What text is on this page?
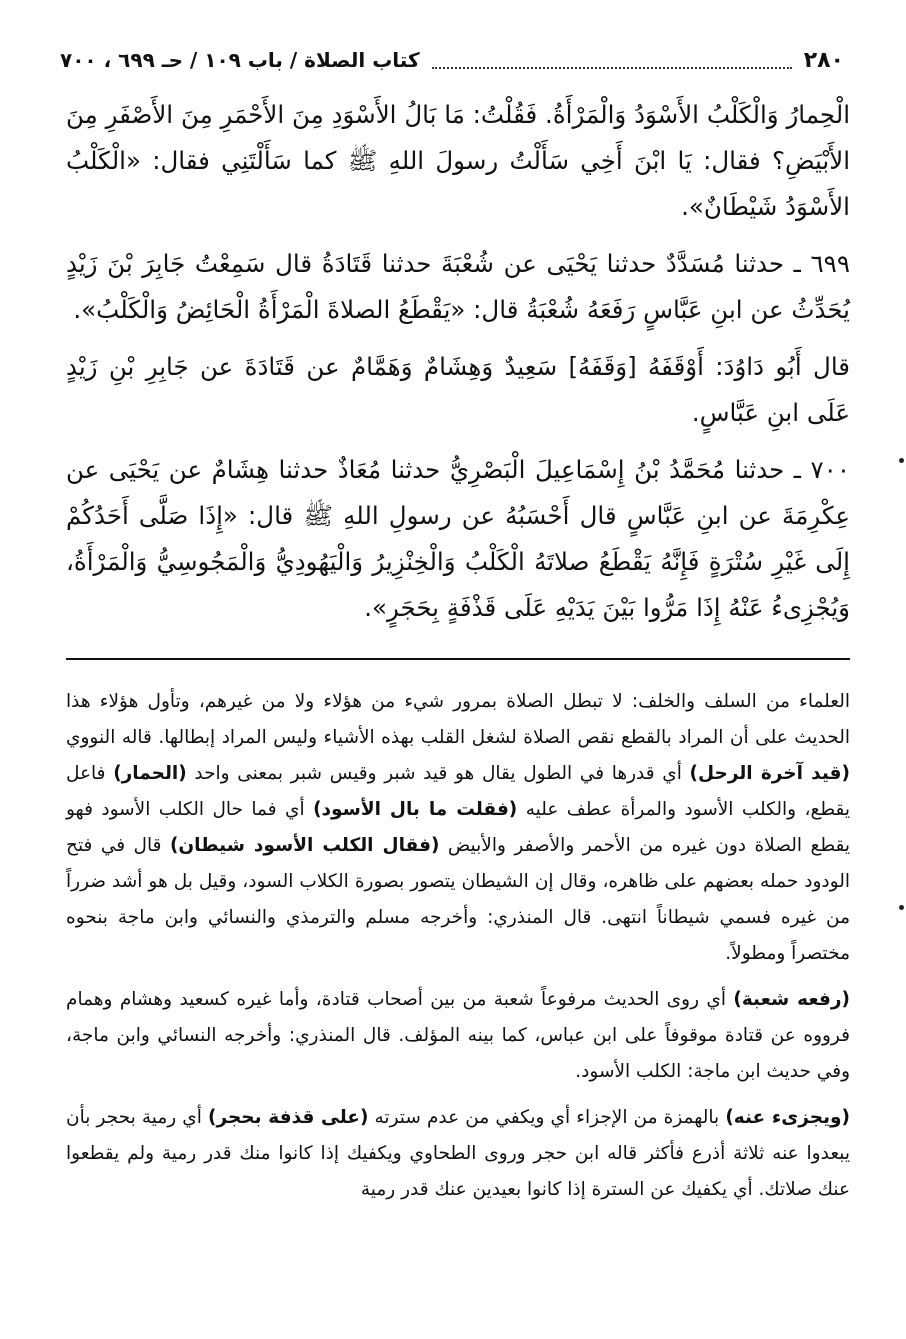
٢٨٠
كتاب الصلاة / باب ١٠٩ / حـ ٦٩٩ ، ٧٠٠

الْحِمارُ وَالْكَلْبُ الأَسْوَدُ وَالْمَرْأَةُ. فَقُلْتُ: مَا بَالُ الأَسْوَدِ مِنَ الأَحْمَرِ مِنَ الأَصْفَرِ مِنَ الأَبْيَضِ؟ فقال: يَا ابْنَ أَخِي سَأَلْتُ رسولَ اللهِ ﷺ كما سَأَلْتَنِي فقال: «الْكَلْبُ الأَسْوَدُ شَيْطَانٌ».

٦٩٩ ـ حدثنا مُسَدَّدٌ حدثنا يَحْيَى عن شُعْبَةَ حدثنا قَتَادَةُ قال سَمِعْتُ جَابِرَ بْنَ زَيْدٍ يُحَدِّثُ عن ابنِ عَبَّاسٍ رَفَعَهُ شُعْبَةُ قال: «يَقْطَعُ الصلاةَ الْمَرْأَةُ الْحَائِضُ وَالْكَلْبُ».

قال أَبُو دَاوُدَ: أَوْقَفَهُ [وَقَفَهُ] سَعِيدٌ وَهِشَامٌ وَهَمَّامٌ عن قَتَادَةَ عن جَابِرِ بْنِ زَيْدٍ عَلَى ابنِ عَبَّاسٍ.

٧٠٠ ـ حدثنا مُحَمَّدُ بْنُ إِسْمَاعِيلَ الْبَصْرِيُّ حدثنا مُعَاذٌ حدثنا هِشَامٌ عن يَحْيَى عن عِكْرِمَةَ عن ابنِ عَبَّاسٍ قال أَحْسَبُهُ عن رسولِ اللهِ ﷺ قال: «إِذَا صَلَّى أَحَدُكُمْ إِلَى غَيْرِ سُتْرَةٍ فَإِنَّهُ يَقْطَعُ صلاتَهُ الْكَلْبُ وَالْخِنْزِيرُ وَالْيَهُودِيُّ وَالْمَجُوسِيُّ وَالْمَرْأَةُ، وَيُجْزِىءُ عَنْهُ إِذَا مَرُّوا بَيْنَ يَدَيْهِ عَلَى قَذْفَةٍ بِحَجَرٍ».

العلماء من السلف والخلف: لا تبطل الصلاة بمرور شيء من هؤلاء ولا من غيرهم، وتأول هؤلاء هذا الحديث على أن المراد بالقطع نقص الصلاة لشغل القلب بهذه الأشياء وليس المراد إبطالها. قاله النووي (قيد آخرة الرحل) أي قدرها في الطول يقال هو قيد شبر وقيس شبر بمعنى واحد (الحمار) فاعل يقطع، والكلب الأسود والمرأة عطف عليه (فقلت ما بال الأسود) أي فما حال الكلب الأسود فهو يقطع الصلاة دون غيره من الأحمر والأصفر والأبيض (فقال الكلب الأسود شيطان) قال في فتح الودود حمله بعضهم على ظاهره، وقال إن الشيطان يتصور بصورة الكلاب السود، وقيل بل هو أشد ضرراً من غيره فسمي شيطاناً انتهى. قال المنذري: وأخرجه مسلم والترمذي والنسائي وابن ماجة بنحوه مختصراً ومطولاً.

(رفعه شعبة) أي روى الحديث مرفوعاً شعبة من بين أصحاب قتادة، وأما غيره كسعيد وهشام وهمام فرووه عن قتادة موقوفاً على ابن عباس، كما بينه المؤلف. قال المنذري: وأخرجه النسائي وابن ماجة، وفي حديث ابن ماجة: الكلب الأسود.

(ويجزىء عنه) بالهمزة من الإجزاء أي ويكفي من عدم سترته (على قذفة بحجر) أي رمية بحجر بأن يبعدوا عنه ثلاثة أذرع فأكثر قاله ابن حجر وروى الطحاوي ويكفيك إذا كانوا منك قدر رمية ولم يقطعوا عنك صلاتك. أي يكفيك عن السترة إذا كانوا بعيدين عنك قدر رمية
